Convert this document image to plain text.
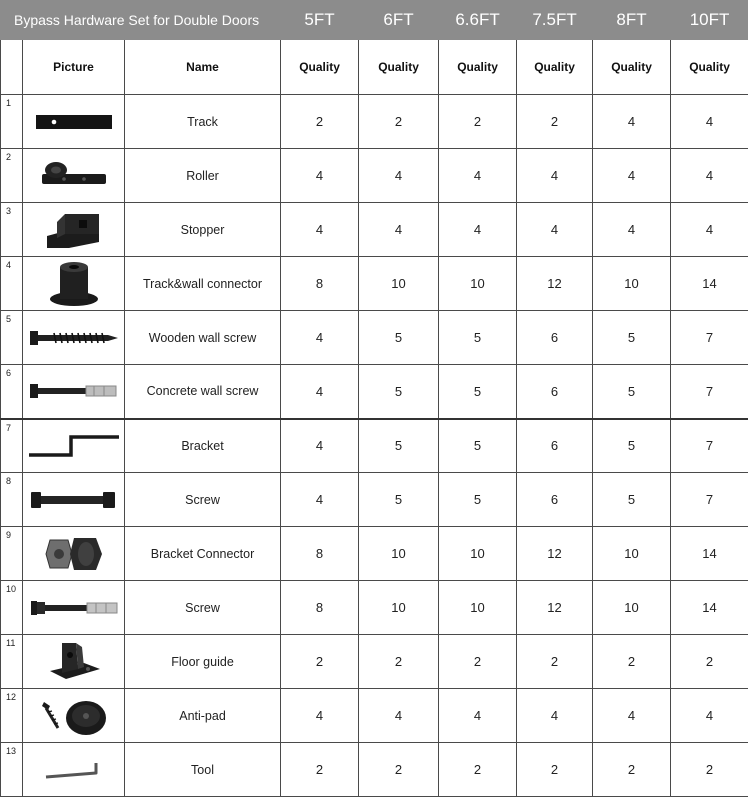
Bypass Hardware Set for Double Doors			5FT	6FT	6.6FT	7.5FT	8FT	10FT
	Picture	Name	Quality	Quality	Quality	Quality	Quality	Quality
1		Track	2	2	2	2	4	4
2		Roller	4	4	4	4	4	4
3		Stopper	4	4	4	4	4	4
4		Track&wall connector	8	10	10	12	10	14
5		Wooden wall screw	4	5	5	6	5	7
6		Concrete wall screw	4	5	5	6	5	7
7		Bracket	4	5	5	6	5	7
8		Screw	4	5	5	6	5	7
9		Bracket Connector	8	10	10	12	10	14
10		Screw	8	10	10	12	10	14
11		Floor guide	2	2	2	2	2	2
12		Anti-pad	4	4	4	4	4	4
13		Tool	2	2	2	2	2	2
